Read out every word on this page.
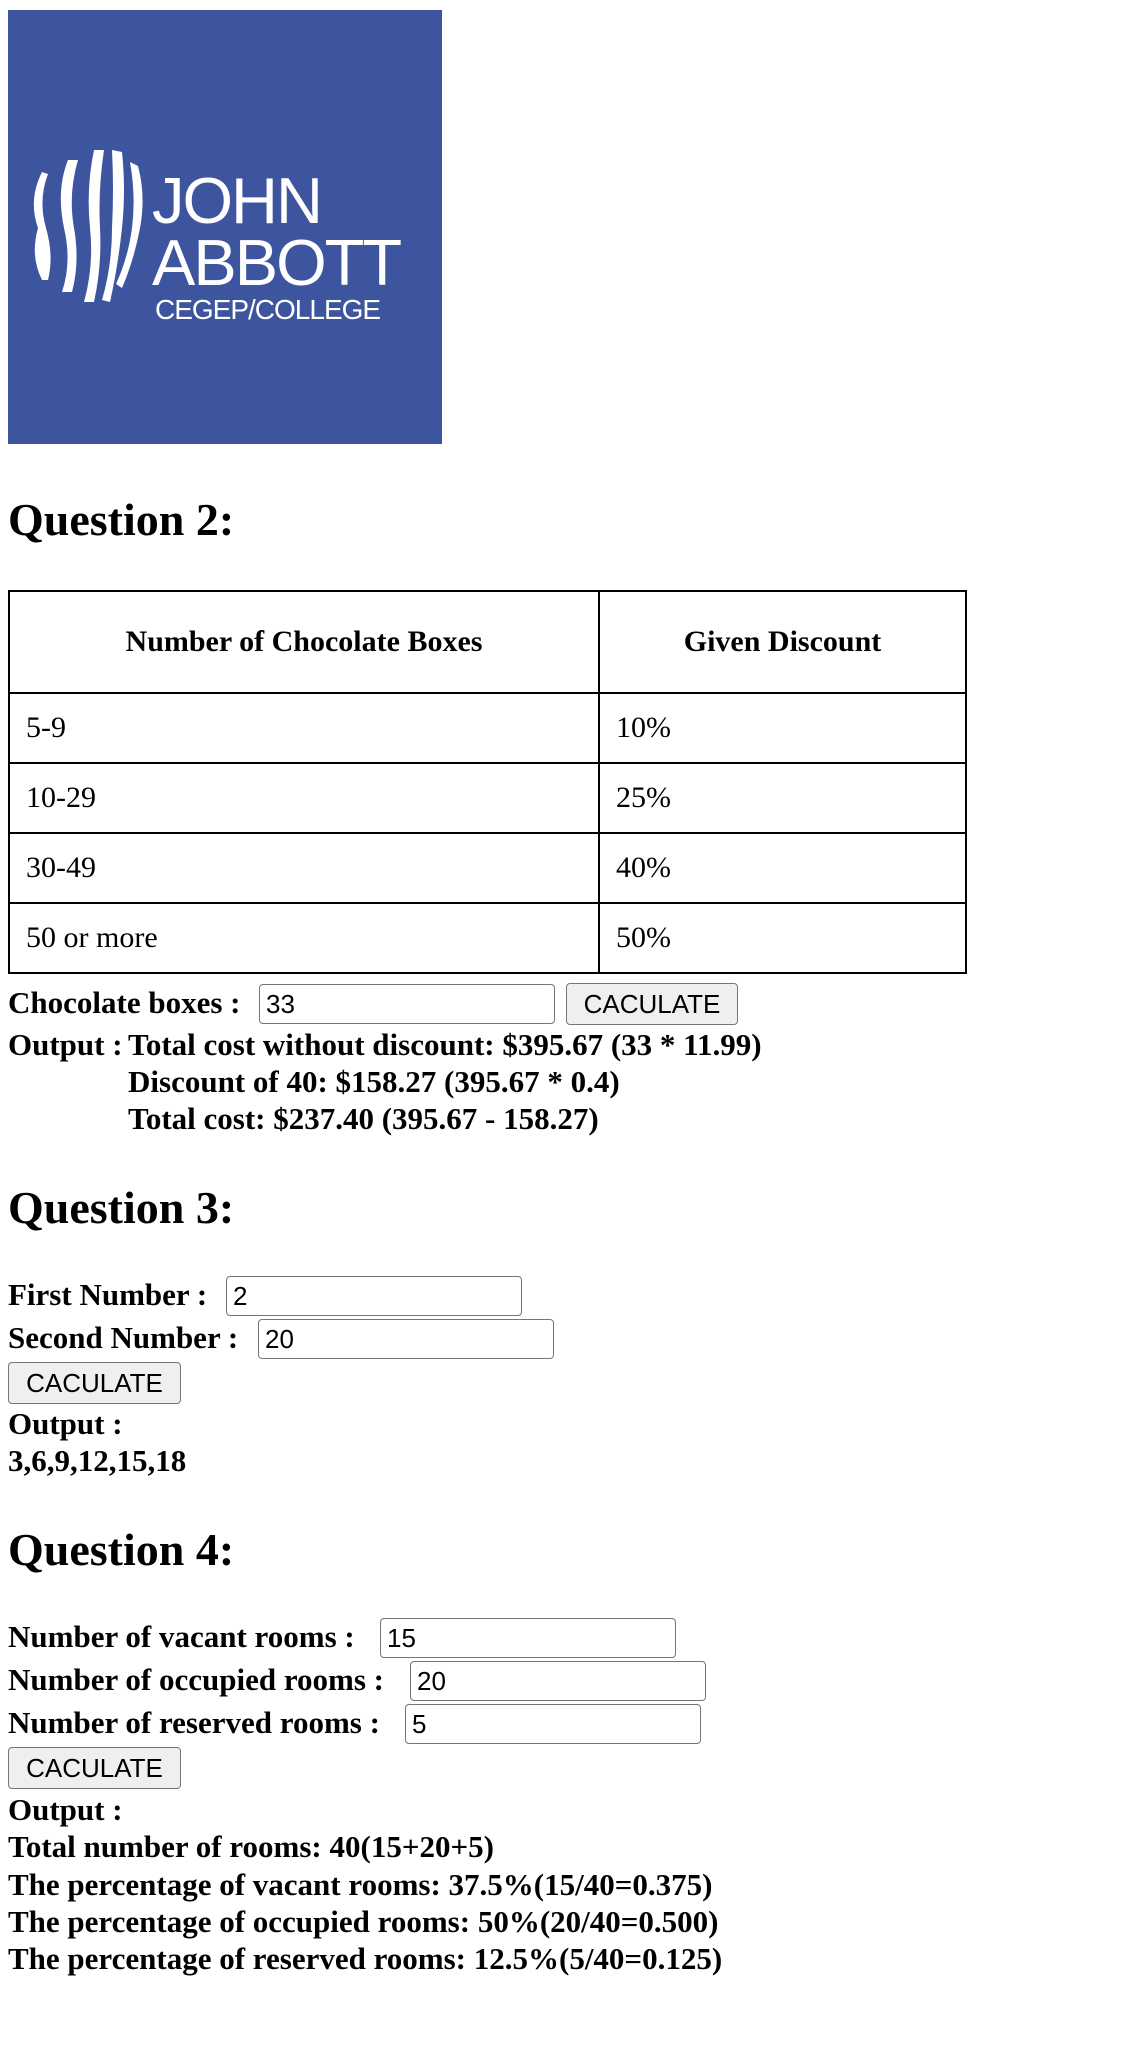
JOHN
ABBOTT
CEGEP/COLLEGE
Question 2:
Number of Chocolate Boxes	Given Discount
5-9	10%
10-29	25%
30-49	40%
50 or more	50%
Chocolate boxes :
33	CACULATE
Output : Total cost without discount: $395.67 (33 * 11.99)
Discount of 40: $158.27 (395.67 * 0.4)
Total cost: $237.40 (395.67 - 158.27)
Question 3:
First Number :
2
Second Number :
20
CACULATE
Output :
3,6,9,12,15,18
Question 4:
Number of vacant rooms :
15
Number of occupied rooms :
20
Number of reserved rooms :
5
CACULATE
Output :
Total number of rooms: 40(15+20+5)
The percentage of vacant rooms: 37.5%(15/40=0.375)
The percentage of occupied rooms: 50%(20/40=0.500)
The percentage of reserved rooms: 12.5%(5/40=0.125)
